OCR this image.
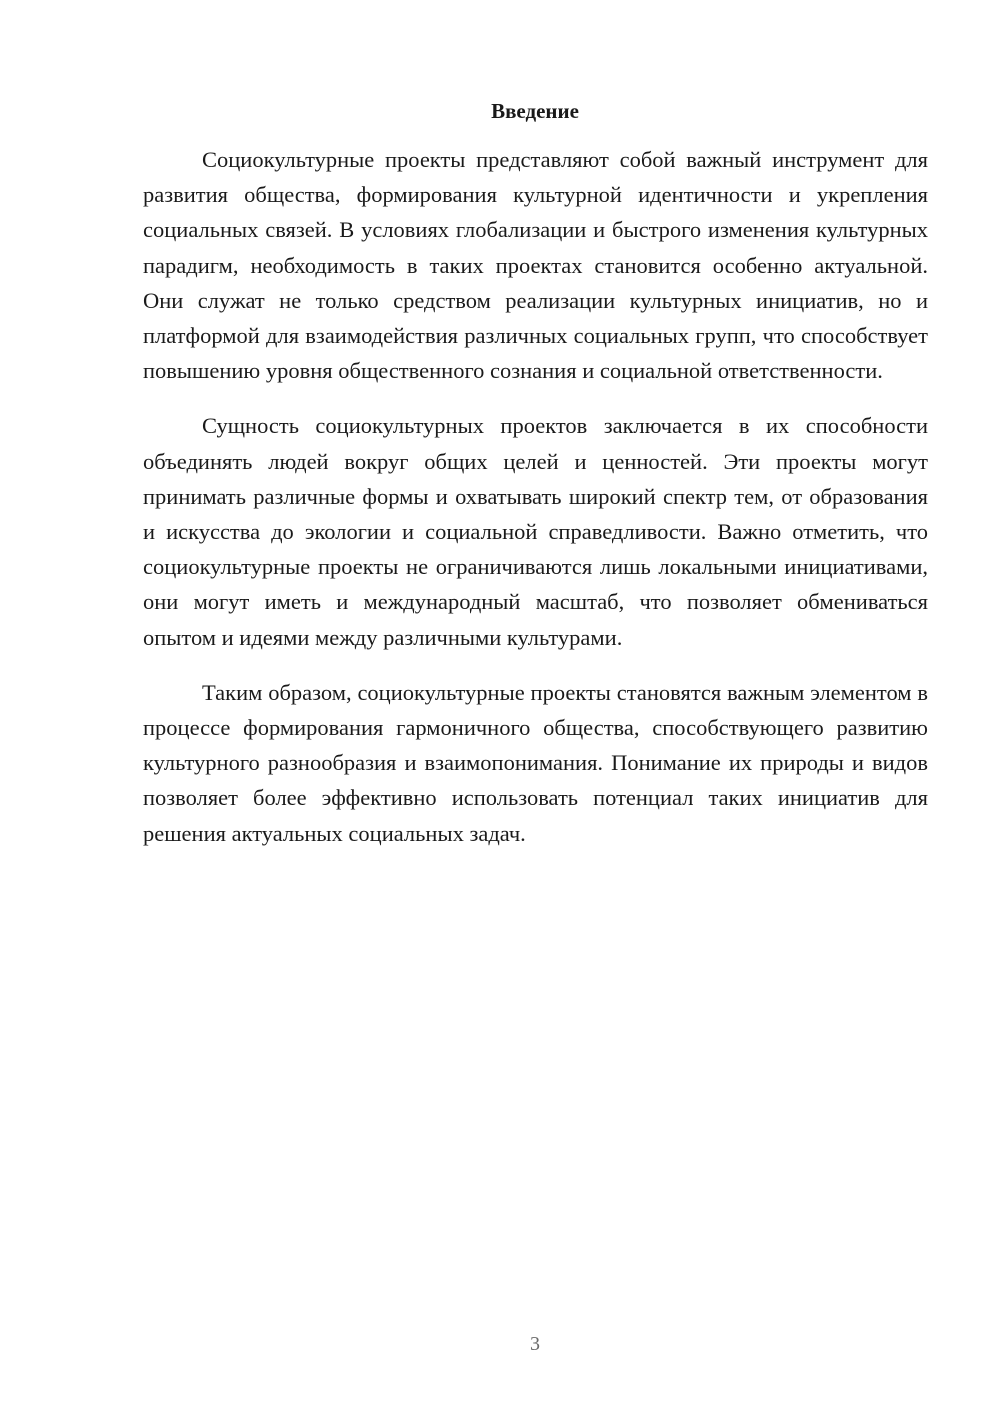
Введение

Социокультурные проекты представляют собой важный инструмент для развития общества, формирования культурной идентичности и укрепления социальных связей. В условиях глобализации и быстрого изменения культурных парадигм, необходимость в таких проектах становится особенно актуальной. Они служат не только средством реализации культурных инициатив, но и платформой для взаимодействия различных социальных групп, что способствует повышению уровня общественного сознания и социальной ответственности.

Сущность социокультурных проектов заключается в их способности объединять людей вокруг общих целей и ценностей. Эти проекты могут принимать различные формы и охватывать широкий спектр тем, от образования и искусства до экологии и социальной справедливости. Важно отметить, что социокультурные проекты не ограничиваются лишь локальными инициативами, они могут иметь и международный масштаб, что позволяет обмениваться опытом и идеями между различными культурами.

Таким образом, социокультурные проекты становятся важным элементом в процессе формирования гармоничного общества, способствующего развитию культурного разнообразия и взаимопонимания. Понимание их природы и видов позволяет более эффективно использовать потенциал таких инициатив для решения актуальных социальных задач.

3
